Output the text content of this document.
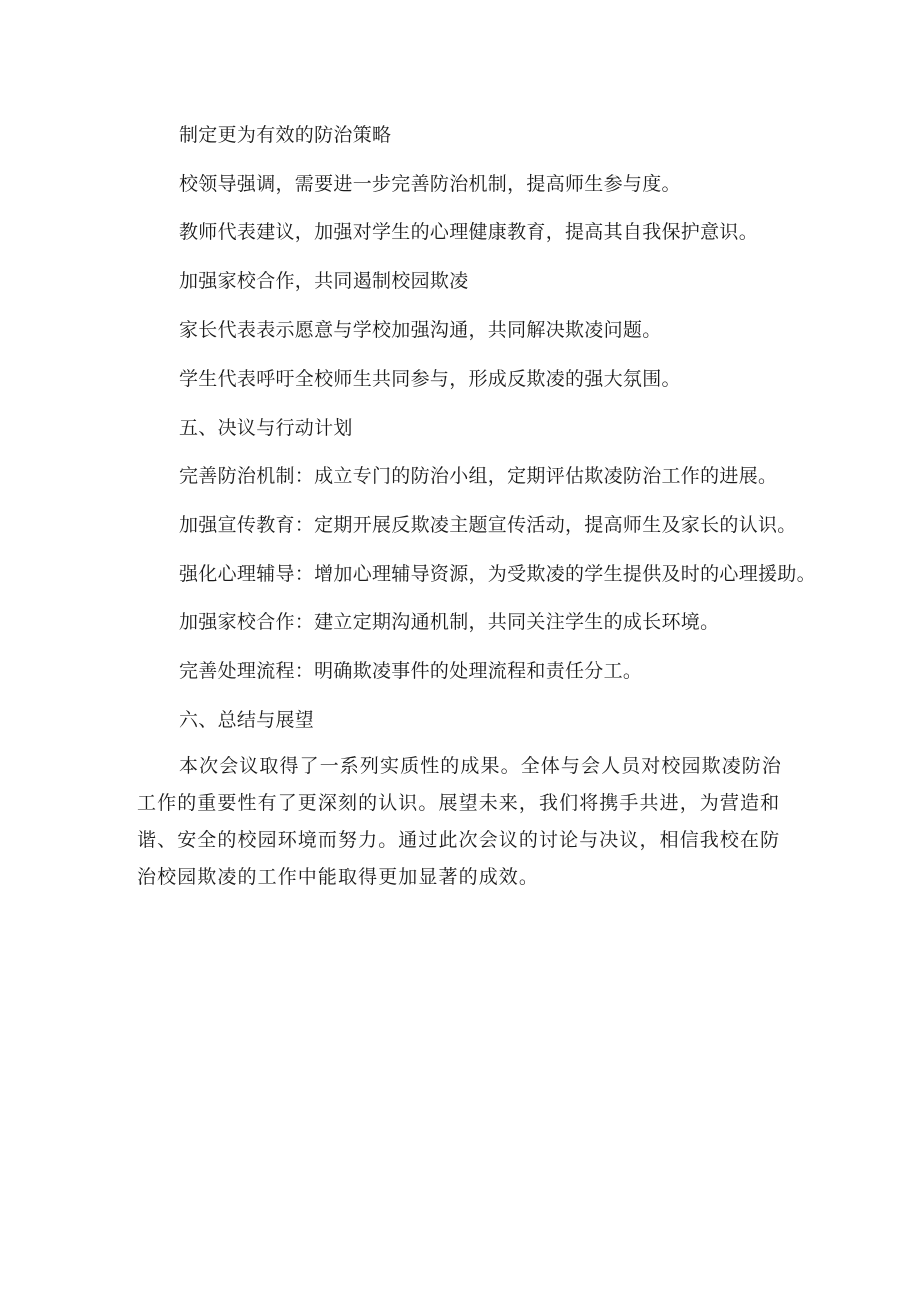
制定更为有效的防治策略
校领导强调，需要进一步完善防治机制，提高师生参与度。
教师代表建议，加强对学生的心理健康教育，提高其自我保护意识。
加强家校合作，共同遏制校园欺凌
家长代表表示愿意与学校加强沟通，共同解决欺凌问题。
学生代表呼吁全校师生共同参与，形成反欺凌的强大氛围。
五、决议与行动计划
完善防治机制：成立专门的防治小组，定期评估欺凌防治工作的进展。
加强宣传教育：定期开展反欺凌主题宣传活动，提高师生及家长的认识。
强化心理辅导：增加心理辅导资源，为受欺凌的学生提供及时的心理援助。
加强家校合作：建立定期沟通机制，共同关注学生的成长环境。
完善处理流程：明确欺凌事件的处理流程和责任分工。
六、总结与展望

本次会议取得了一系列实质性的成果。全体与会人员对校园欺凌防治工作的重要性有了更深刻的认识。展望未来，我们将携手共进，为营造和谐、安全的校园环境而努力。通过此次会议的讨论与决议，相信我校在防治校园欺凌的工作中能取得更加显著的成效。
